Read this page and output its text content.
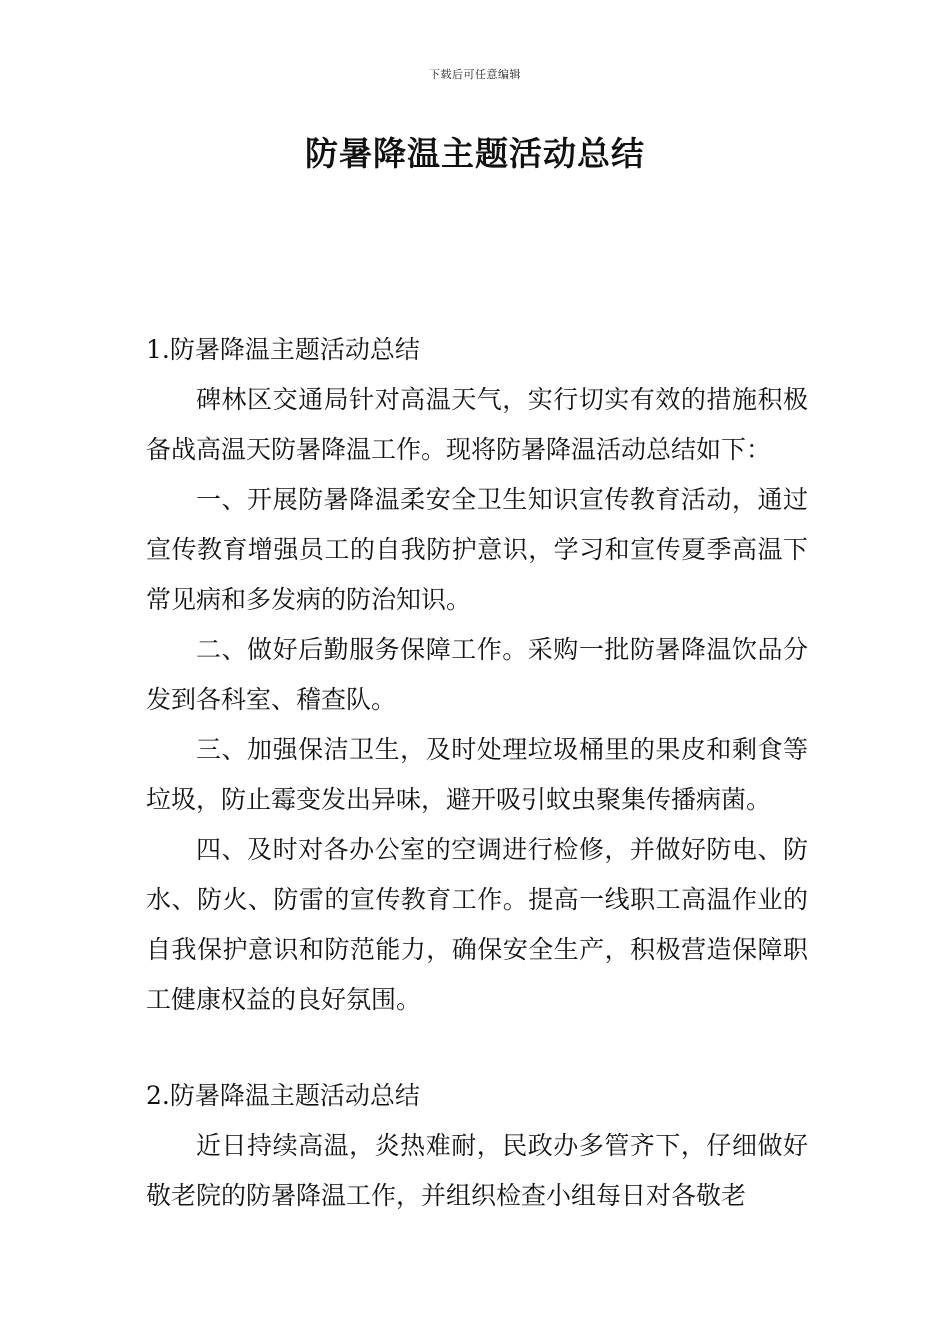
下载后可任意编辑
防暑降温主题活动总结

1.防暑降温主题活动总结

碑林区交通局针对高温天气，实行切实有效的措施积极备战高温天防暑降温工作。现将防暑降温活动总结如下：

一、开展防暑降温柔安全卫生知识宣传教育活动，通过宣传教育增强员工的自我防护意识，学习和宣传夏季高温下常见病和多发病的防治知识。

二、做好后勤服务保障工作。采购一批防暑降温饮品分发到各科室、稽查队。

三、加强保洁卫生，及时处理垃圾桶里的果皮和剩食等垃圾，防止霉变发出异味，避开吸引蚊虫聚集传播病菌。

四、及时对各办公室的空调进行检修，并做好防电、防水、防火、防雷的宣传教育工作。提高一线职工高温作业的自我保护意识和防范能力，确保安全生产，积极营造保障职工健康权益的良好氛围。

2.防暑降温主题活动总结

近日持续高温，炎热难耐，民政办多管齐下，仔细做好敬老院的防暑降温工作，并组织检查小组每日对各敬老
